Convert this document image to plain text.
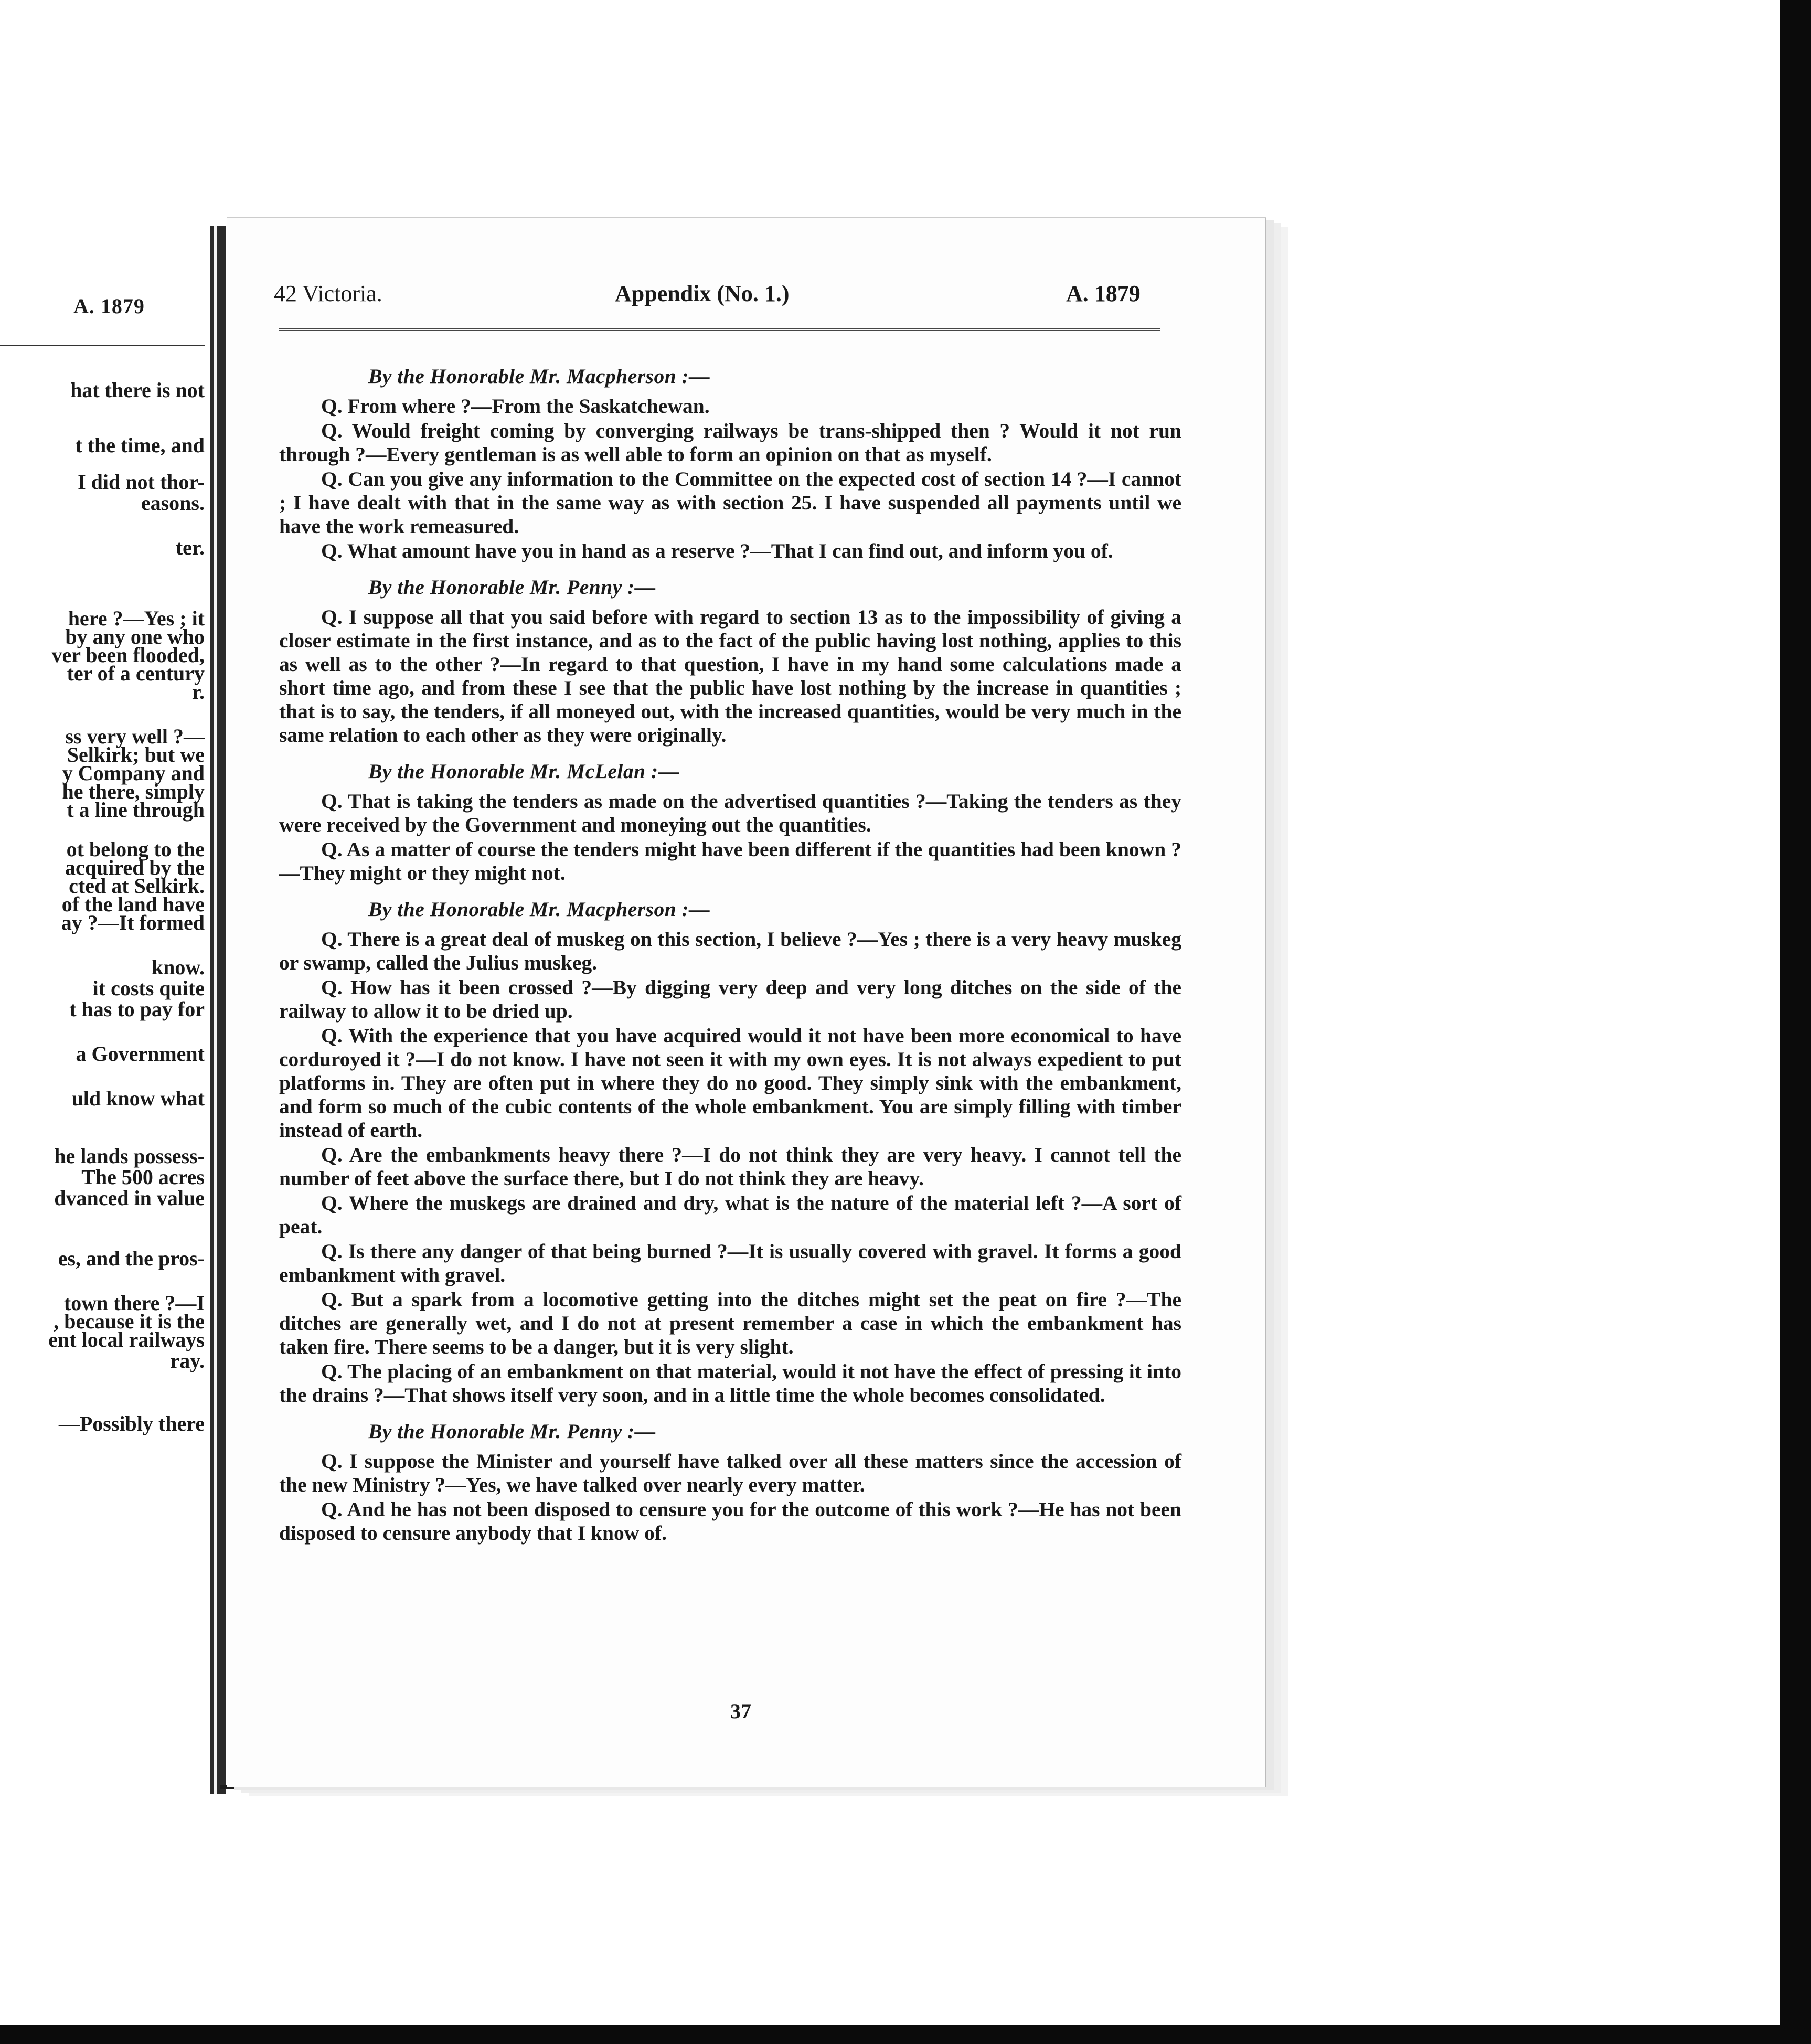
A. 1879
hat there is not
t the time, and
I did not thor-
easons.
ter.
here ?—Yes ; it
by any one who
ver been flooded,
ter of a century
r.
ss very well ?—
Selkirk; but we
y Company and
he there, simply
t a line through
ot belong to the
acquired by the
cted at Selkirk.
of the land have
ay ?—It formed
know.
it costs quite
t has to pay for
a Government
uld know what
he lands possess-
The 500 acres
dvanced in value
es, and the pros-
town there ?—I
, because it is the
ent local railways
ray.
—Possibly there
42 Victoria.	Appendix (No. 1.)	A. 1879
By the Honorable Mr. Macpherson :—

Q. From where ?—From the Saskatchewan.

Q. Would freight coming by converging railways be trans-shipped then ? Would it not run through ?—Every gentleman is as well able to form an opinion on that as myself.

Q. Can you give any information to the Committee on the expected cost of section 14 ?—I cannot ; I have dealt with that in the same way as with section 25. I have suspended all payments until we have the work remeasured.

Q. What amount have you in hand as a reserve ?—That I can find out, and inform you of.

By the Honorable Mr. Penny :—

Q. I suppose all that you said before with regard to section 13 as to the impossibility of giving a closer estimate in the first instance, and as to the fact of the public having lost nothing, applies to this as well as to the other ?—In regard to that question, I have in my hand some calculations made a short time ago, and from these I see that the public have lost nothing by the increase in quantities ; that is to say, the tenders, if all moneyed out, with the increased quantities, would be very much in the same relation to each other as they were originally.

By the Honorable Mr. McLelan :—

Q. That is taking the tenders as made on the advertised quantities ?—Taking the tenders as they were received by the Government and moneying out the quantities.

Q. As a matter of course the tenders might have been different if the quantities had been known ?—They might or they might not.

By the Honorable Mr. Macpherson :—

Q. There is a great deal of muskeg on this section, I believe ?—Yes ; there is a very heavy muskeg or swamp, called the Julius muskeg.

Q. How has it been crossed ?—By digging very deep and very long ditches on the side of the railway to allow it to be dried up.

Q. With the experience that you have acquired would it not have been more economical to have corduroyed it ?—I do not know. I have not seen it with my own eyes. It is not always expedient to put platforms in. They are often put in where they do no good. They simply sink with the embankment, and form so much of the cubic contents of the whole embankment. You are simply filling with timber instead of earth.

Q. Are the embankments heavy there ?—I do not think they are very heavy. I cannot tell the number of feet above the surface there, but I do not think they are heavy.

Q. Where the muskegs are drained and dry, what is the nature of the material left ?—A sort of peat.

Q. Is there any danger of that being burned ?—It is usually covered with gravel. It forms a good embankment with gravel.

Q. But a spark from a locomotive getting into the ditches might set the peat on fire ?—The ditches are generally wet, and I do not at present remember a case in which the embankment has taken fire. There seems to be a danger, but it is very slight.

Q. The placing of an embankment on that material, would it not have the effect of pressing it into the drains ?—That shows itself very soon, and in a little time the whole becomes consolidated.

By the Honorable Mr. Penny :—

Q. I suppose the Minister and yourself have talked over all these matters since the accession of the new Ministry ?—Yes, we have talked over nearly every matter.

Q. And he has not been disposed to censure you for the outcome of this work ?—He has not been disposed to censure anybody that I know of.

37
